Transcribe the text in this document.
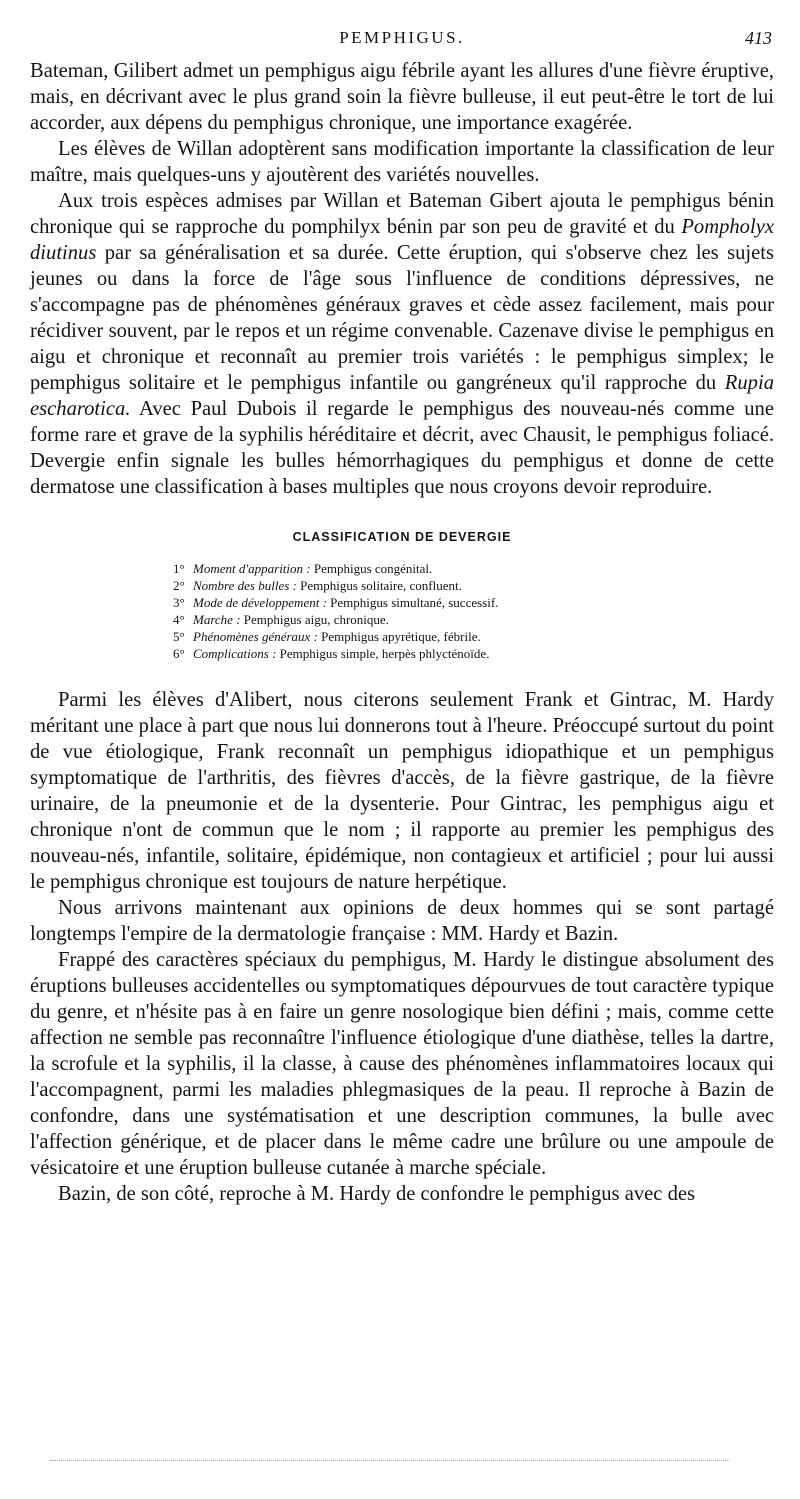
PEMPHIGUS.	413

Bateman, Gilibert admet un pemphigus aigu fébrile ayant les allures d'une fièvre éruptive, mais, en décrivant avec le plus grand soin la fièvre bulleuse, il eut peut-être le tort de lui accorder, aux dépens du pemphigus chronique, une importance exagérée.

Les élèves de Willan adoptèrent sans modification importante la classification de leur maître, mais quelques-uns y ajoutèrent des variétés nouvelles.

Aux trois espèces admises par Willan et Bateman Gibert ajouta le pemphigus bénin chronique qui se rapproche du pomphilyx bénin par son peu de gravité et du Pompholyx diutinus par sa généralisation et sa durée. Cette éruption, qui s'observe chez les sujets jeunes ou dans la force de l'âge sous l'influence de conditions dépressives, ne s'accompagne pas de phénomènes généraux graves et cède assez facilement, mais pour récidiver souvent, par le repos et un régime convenable. Cazenave divise le pemphigus en aigu et chronique et reconnaît au premier trois variétés : le pemphigus simplex; le pemphigus solitaire et le pemphigus infantile ou gangréneux qu'il rapproche du Rupia escharotica. Avec Paul Dubois il regarde le pemphigus des nouveau-nés comme une forme rare et grave de la syphilis héréditaire et décrit, avec Chausit, le pemphigus foliacé. Devergie enfin signale les bulles hémorrhagiques du pemphigus et donne de cette dermatose une classification à bases multiples que nous croyons devoir reproduire.

CLASSIFICATION DE DEVERGIE
1° Moment d'apparition : Pemphigus congénital.
2° Nombre des bulles : Pemphigus solitaire, confluent.
3° Mode de développement : Pemphigus simultané, successif.
4° Marche : Pemphigus aigu, chronique.
5° Phénomènes généraux : Pemphigus apyrétique, fébrile.
6° Complications : Pemphigus simple, herpès phlycténoïde.

Parmi les élèves d'Alibert, nous citerons seulement Frank et Gintrac, M. Hardy méritant une place à part que nous lui donnerons tout à l'heure. Préoccupé surtout du point de vue étiologique, Frank reconnaît un pemphigus idiopathique et un pemphigus symptomatique de l'arthritis, des fièvres d'accès, de la fièvre gastrique, de la fièvre urinaire, de la pneumonie et de la dysenterie. Pour Gintrac, les pemphigus aigu et chronique n'ont de commun que le nom ; il rapporte au premier les pemphigus des nouveau-nés, infantile, solitaire, épidémique, non contagieux et artificiel ; pour lui aussi le pemphigus chronique est toujours de nature herpétique.

Nous arrivons maintenant aux opinions de deux hommes qui se sont partagé longtemps l'empire de la dermatologie française : MM. Hardy et Bazin.

Frappé des caractères spéciaux du pemphigus, M. Hardy le distingue absolument des éruptions bulleuses accidentelles ou symptomatiques dépourvues de tout caractère typique du genre, et n'hésite pas à en faire un genre nosologique bien défini ; mais, comme cette affection ne semble pas reconnaître l'influence étiologique d'une diathèse, telles la dartre, la scrofule et la syphilis, il la classe, à cause des phénomènes inflammatoires locaux qui l'accompagnent, parmi les maladies phlegmasiques de la peau. Il reproche à Bazin de confondre, dans une systématisation et une description communes, la bulle avec l'affection générique, et de placer dans le même cadre une brûlure ou une ampoule de vésicatoire et une éruption bulleuse cutanée à marche spéciale.

Bazin, de son côté, reproche à M. Hardy de confondre le pemphigus avec des
